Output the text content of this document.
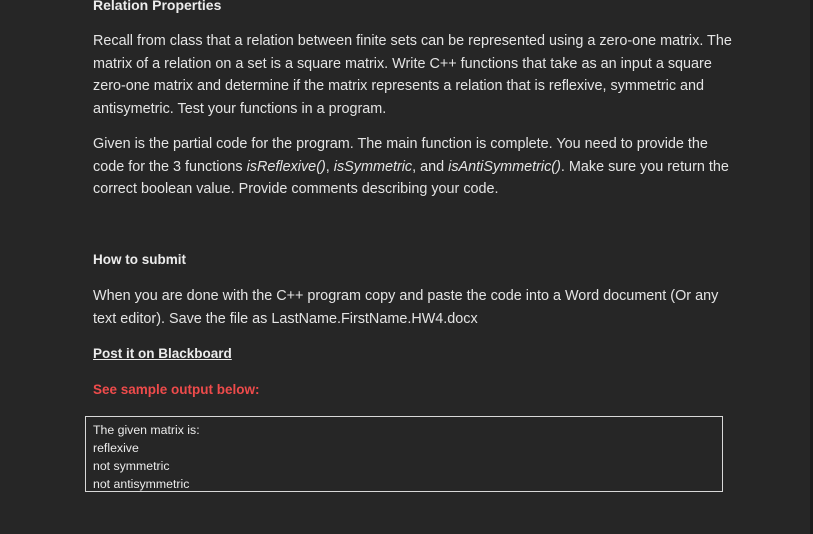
Relation Properties
Recall from class that a relation between finite sets can be represented using a zero-one matrix. The matrix of a relation on a set is a square matrix. Write C++ functions that take as an input a square zero-one matrix and determine if the matrix represents a relation that is reflexive, symmetric and antisymetric. Test your functions in a program.
Given is the partial code for the program. The main function is complete. You need to provide the code for the 3 functions isReflexive(), isSymmetric, and isAntiSymmetric(). Make sure you return the correct boolean value. Provide comments describing your code.
How to submit
When you are done with the C++ program copy and paste the code into a Word document (Or any text editor). Save the file as LastName.FirstName.HW4.docx
Post it on Blackboard
See sample output below:
The given matrix is:
reflexive
not symmetric
not antisymmetric
